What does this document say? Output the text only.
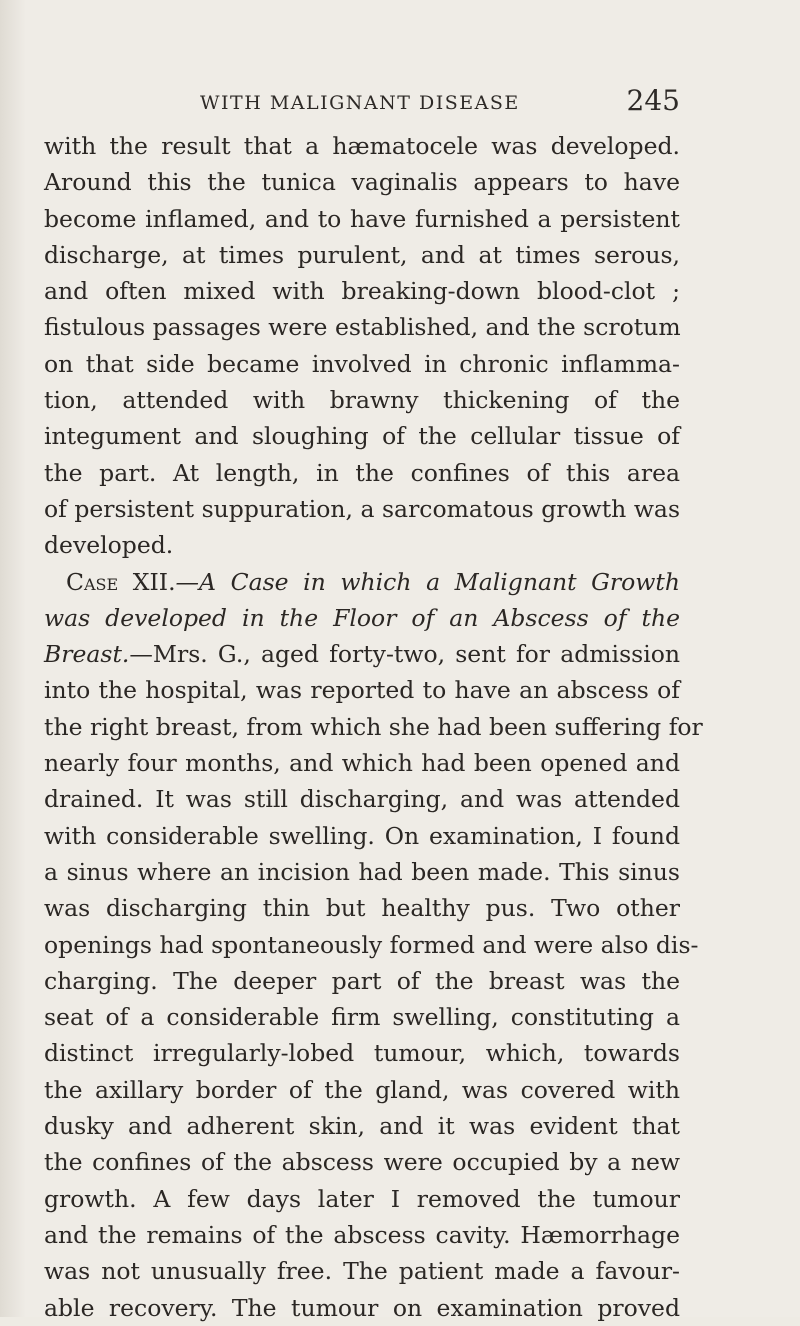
WITH MALIGNANT DISEASE	245
with the result that a hæmatocele was developed.
Around this the tunica vaginalis appears to have
become inflamed, and to have furnished a persistent
discharge, at times purulent, and at times serous,
and often mixed with breaking-down blood-clot ;
fistulous passages were established, and the scrotum
on that side became involved in chronic inflamma-
tion, attended with brawny thickening of the
integument and sloughing of the cellular tissue of
the part. At length, in the confines of this area
of persistent suppuration, a sarcomatous growth was
developed.
Case XII.—A Case in which a Malignant Growth
was developed in the Floor of an Abscess of the
Breast.—Mrs. G., aged forty-two, sent for admission
into the hospital, was reported to have an abscess of
the right breast, from which she had been suffering for
nearly four months, and which had been opened and
drained. It was still discharging, and was attended
with considerable swelling. On examination, I found
a sinus where an incision had been made. This sinus
was discharging thin but healthy pus. Two other
openings had spontaneously formed and were also dis-
charging. The deeper part of the breast was the
seat of a considerable firm swelling, constituting a
distinct irregularly-lobed tumour, which, towards
the axillary border of the gland, was covered with
dusky and adherent skin, and it was evident that
the confines of the abscess were occupied by a new
growth. A few days later I removed the tumour
and the remains of the abscess cavity. Hæmorrhage
was not unusually free. The patient made a favour-
able recovery. The tumour on examination proved
